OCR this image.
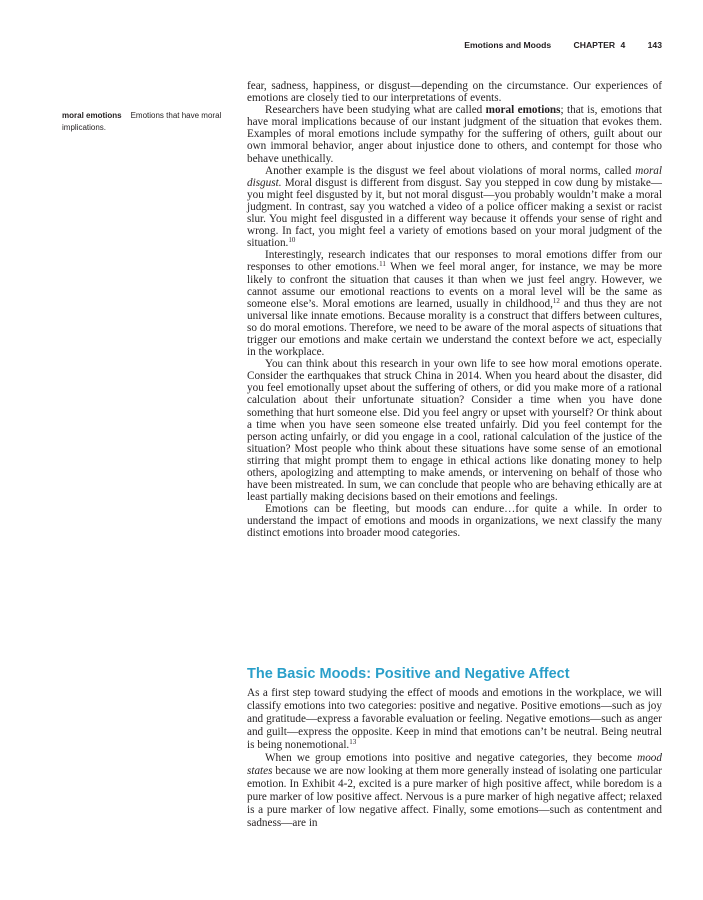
Emotions and Moods	CHAPTER 4	143
moral emotions Emotions that have moral implications.

fear, sadness, happiness, or disgust—depending on the circumstance. Our experiences of emotions are closely tied to our interpretations of events.

Researchers have been studying what are called moral emotions; that is, emotions that have moral implications because of our instant judgment of the situation that evokes them. Examples of moral emotions include sympathy for the suffering of others, guilt about our own immoral behavior, anger about injustice done to others, and contempt for those who behave unethically.

Another example is the disgust we feel about violations of moral norms, called moral disgust. Moral disgust is different from disgust. Say you stepped in cow dung by mistake—you might feel disgusted by it, but not moral disgust—you probably wouldn’t make a moral judgment. In contrast, say you watched a video of a police officer making a sexist or racist slur. You might feel disgusted in a different way because it offends your sense of right and wrong. In fact, you might feel a variety of emotions based on your moral judgment of the situation.$^{10}$

Interestingly, research indicates that our responses to moral emotions differ from our responses to other emotions.$^{11}$ When we feel moral anger, for instance, we may be more likely to confront the situation that causes it than when we just feel angry. However, we cannot assume our emotional reactions to events on a moral level will be the same as someone else’s. Moral emotions are learned, usually in childhood,$^{12}$ and thus they are not universal like innate emotions. Because morality is a construct that differs between cultures, so do moral emotions. Therefore, we need to be aware of the moral aspects of situations that trigger our emotions and make certain we understand the context before we act, especially in the workplace.

You can think about this research in your own life to see how moral emotions operate. Consider the earthquakes that struck China in 2014. When you heard about the disaster, did you feel emotionally upset about the suffering of others, or did you make more of a rational calculation about their unfortunate situation? Consider a time when you have done something that hurt someone else. Did you feel angry or upset with yourself? Or think about a time when you have seen someone else treated unfairly. Did you feel contempt for the person acting unfairly, or did you engage in a cool, rational calculation of the justice of the situation? Most people who think about these situations have some sense of an emotional stirring that might prompt them to engage in ethical actions like donating money to help others, apologizing and attempting to make amends, or intervening on behalf of those who have been mistreated. In sum, we can conclude that people who are behaving ethically are at least partially making decisions based on their emotions and feelings.

Emotions can be fleeting, but moods can endure…for quite a while. In order to understand the impact of emotions and moods in organizations, we next classify the many distinct emotions into broader mood categories.

The Basic Moods: Positive and Negative Affect

As a first step toward studying the effect of moods and emotions in the workplace, we will classify emotions into two categories: positive and negative. Positive emotions—such as joy and gratitude—express a favorable evaluation or feeling. Negative emotions—such as anger and guilt—express the opposite. Keep in mind that emotions can’t be neutral. Being neutral is being nonemotional.$^{13}$

When we group emotions into positive and negative categories, they become mood states because we are now looking at them more generally instead of isolating one particular emotion. In Exhibit 4-2, excited is a pure marker of high positive affect, while boredom is a pure marker of low positive affect. Nervous is a pure marker of high negative affect; relaxed is a pure marker of low negative affect. Finally, some emotions—such as contentment and sadness—are in
